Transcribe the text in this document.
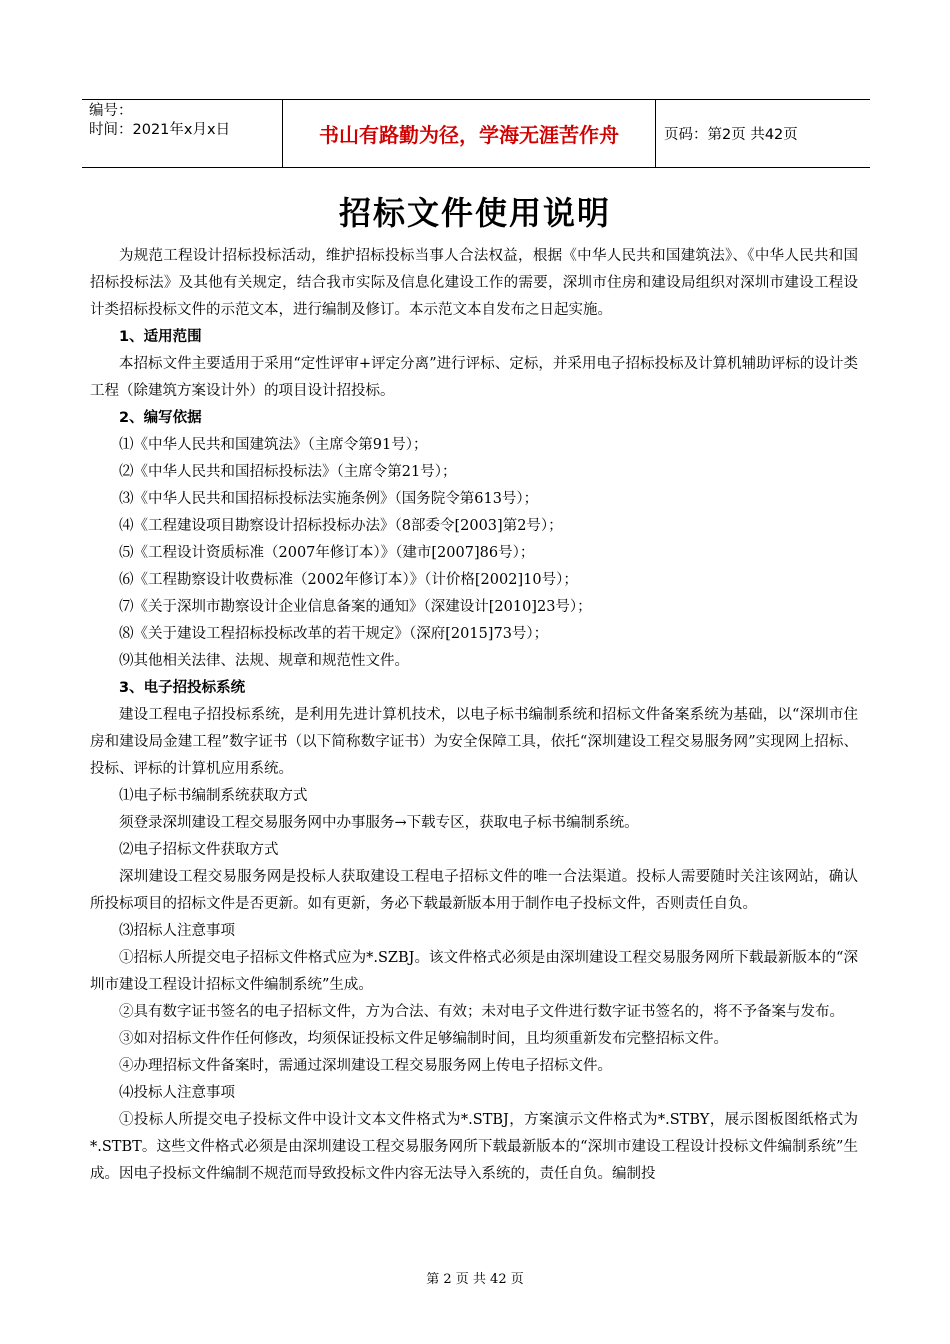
编号：
时间：2021年x月x日	书山有路勤为径，学海无涯苦作舟	页码：第2页 共42页
招标文件使用说明

为规范工程设计招标投标活动，维护招标投标当事人合法权益，根据《中华人民共和国建筑法》、《中华人民共和国招标投标法》及其他有关规定，结合我市实际及信息化建设工作的需要，深圳市住房和建设局组织对深圳市建设工程设计类招标投标文件的示范文本，进行编制及修订。本示范文本自发布之日起实施。

1、适用范围

本招标文件主要适用于采用“定性评审+评定分离”进行评标、定标，并采用电子招标投标及计算机辅助评标的设计类工程（除建筑方案设计外）的项目设计招投标。

2、编写依据

⑴《中华人民共和国建筑法》（主席令第91号）；

⑵《中华人民共和国招标投标法》（主席令第21号）；

⑶《中华人民共和国招标投标法实施条例》（国务院令第613号）；

⑷《工程建设项目勘察设计招标投标办法》（8部委令[2003]第2号）；

⑸《工程设计资质标准（2007年修订本）》（建市[2007]86号）；

⑹《工程勘察设计收费标准（2002年修订本）》（计价格[2002]10号）；

⑺《关于深圳市勘察设计企业信息备案的通知》（深建设计[2010]23号）；

⑻《关于建设工程招标投标改革的若干规定》（深府[2015]73号）；

⑼其他相关法律、法规、规章和规范性文件。

3、电子招投标系统

建设工程电子招投标系统，是利用先进计算机技术，以电子标书编制系统和招标文件备案系统为基础，以“深圳市住房和建设局金建工程”数字证书（以下简称数字证书）为安全保障工具，依托“深圳建设工程交易服务网”实现网上招标、投标、评标的计算机应用系统。

⑴电子标书编制系统获取方式

须登录深圳建设工程交易服务网中办事服务→下载专区，获取电子标书编制系统。

⑵电子招标文件获取方式

深圳建设工程交易服务网是投标人获取建设工程电子招标文件的唯一合法渠道。投标人需要随时关注该网站，确认所投标项目的招标文件是否更新。如有更新，务必下载最新版本用于制作电子投标文件，否则责任自负。

⑶招标人注意事项

①招标人所提交电子招标文件格式应为*.SZBJ。该文件格式必须是由深圳建设工程交易服务网所下载最新版本的“深圳市建设工程设计招标文件编制系统”生成。

②具有数字证书签名的电子招标文件，方为合法、有效；未对电子文件进行数字证书签名的，将不予备案与发布。

③如对招标文件作任何修改，均须保证投标文件足够编制时间，且均须重新发布完整招标文件。

④办理招标文件备案时，需通过深圳建设工程交易服务网上传电子招标文件。

⑷投标人注意事项

①投标人所提交电子投标文件中设计文本文件格式为*.STBJ，方案演示文件格式为*.STBY，展示图板图纸格式为*.STBT。这些文件格式必须是由深圳建设工程交易服务网所下载最新版本的“深圳市建设工程设计投标文件编制系统”生成。因电子投标文件编制不规范而导致投标文件内容无法导入系统的，责任自负。编制投

第 2 页 共 42 页
